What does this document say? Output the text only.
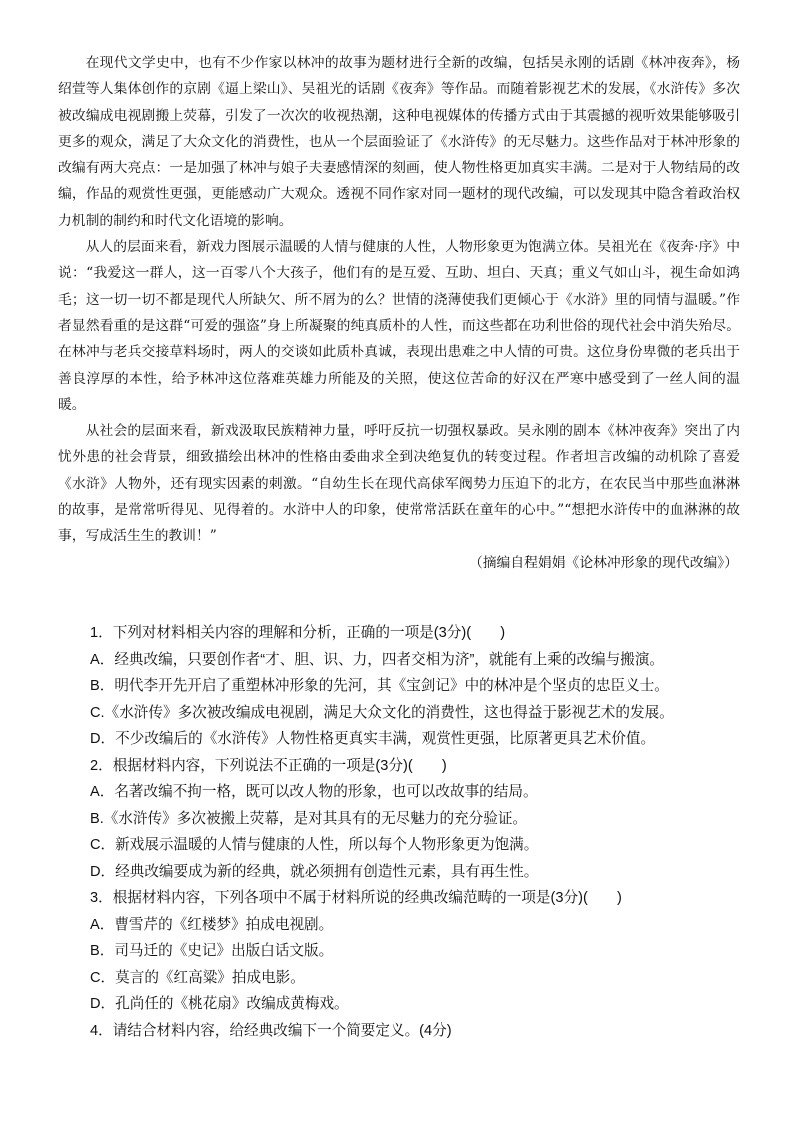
在现代文学史中，也有不少作家以林冲的故事为题材进行全新的改编，包括吴永刚的话剧《林冲夜奔》，杨绍萱等人集体创作的京剧《逼上梁山》、吴祖光的话剧《夜奔》等作品。而随着影视艺术的发展，《水浒传》多次被改编成电视剧搬上荧幕，引发了一次次的收视热潮，这种电视媒体的传播方式由于其震撼的视听效果能够吸引更多的观众，满足了大众文化的消费性，也从一个层面验证了《水浒传》的无尽魅力。这些作品对于林冲形象的改编有两大亮点：一是加强了林冲与娘子夫妻感情深的刻画，使人物性格更加真实丰满。二是对于人物结局的改编，作品的观赏性更强，更能感动广大观众。透视不同作家对同一题材的现代改编，可以发现其中隐含着政治权力机制的制约和时代文化语境的影响。

从人的层面来看，新戏力图展示温暖的人情与健康的人性，人物形象更为饱满立体。吴祖光在《夜奔·序》中说：“我爱这一群人，这一百零八个大孩子，他们有的是互爱、互助、坦白、天真；重义气如山斗，视生命如鸿毛；这一切一切不都是现代人所缺欠、所不屑为的么？世情的浇薄使我们更倾心于《水浒》里的同情与温暖。”作者显然看重的是这群“可爱的强盗”身上所凝聚的纯真质朴的人性，而这些都在功利世俗的现代社会中消失殆尽。在林冲与老兵交接草料场时，两人的交谈如此质朴真诚，表现出患难之中人情的可贵。这位身份卑微的老兵出于善良淳厚的本性，给予林冲这位落难英雄力所能及的关照，使这位苦命的好汉在严寒中感受到了一丝人间的温暖。

从社会的层面来看，新戏汲取民族精神力量，呼吁反抗一切强权暴政。吴永刚的剧本《林冲夜奔》突出了内忧外患的社会背景，细致描绘出林冲的性格由委曲求全到决绝复仇的转变过程。作者坦言改编的动机除了喜爱《水浒》人物外，还有现实因素的刺激。“自幼生长在现代高俅军阀势力压迫下的北方，在农民当中那些血淋淋的故事，是常常听得见、见得着的。水浒中人的印象，使常常活跃在童年的心中。”“想把水浒传中的血淋淋的故事，写成活生生的教训！”

（摘编自程娟娟《论林冲形象的现代改编》）

1．下列对材料相关内容的理解和分析，正确的一项是(3分)(　　)

A．经典改编，只要创作者“才、胆、识、力，四者交相为济”，就能有上乘的改编与搬演。

B．明代李开先开启了重塑林冲形象的先河，其《宝剑记》中的林冲是个坚贞的忠臣义士。

C.《水浒传》多次被改编成电视剧，满足大众文化的消费性，这也得益于影视艺术的发展。

D．不少改编后的《水浒传》人物性格更真实丰满，观赏性更强，比原著更具艺术价值。

2．根据材料内容，下列说法不正确的一项是(3分)(　　)

A．名著改编不拘一格，既可以改人物的形象，也可以改故事的结局。

B.《水浒传》多次被搬上荧幕，是对其具有的无尽魅力的充分验证。

C．新戏展示温暖的人情与健康的人性，所以每个人物形象更为饱满。

D．经典改编要成为新的经典，就必须拥有创造性元素，具有再生性。

3．根据材料内容，下列各项中不属于材料所说的经典改编范畴的一项是(3分)(　　)

A．曹雪芹的《红楼梦》拍成电视剧。

B．司马迁的《史记》出版白话文版。

C．莫言的《红高粱》拍成电影。

D．孔尚任的《桃花扇》改编成黄梅戏。

4．请结合材料内容，给经典改编下一个简要定义。(4分)
